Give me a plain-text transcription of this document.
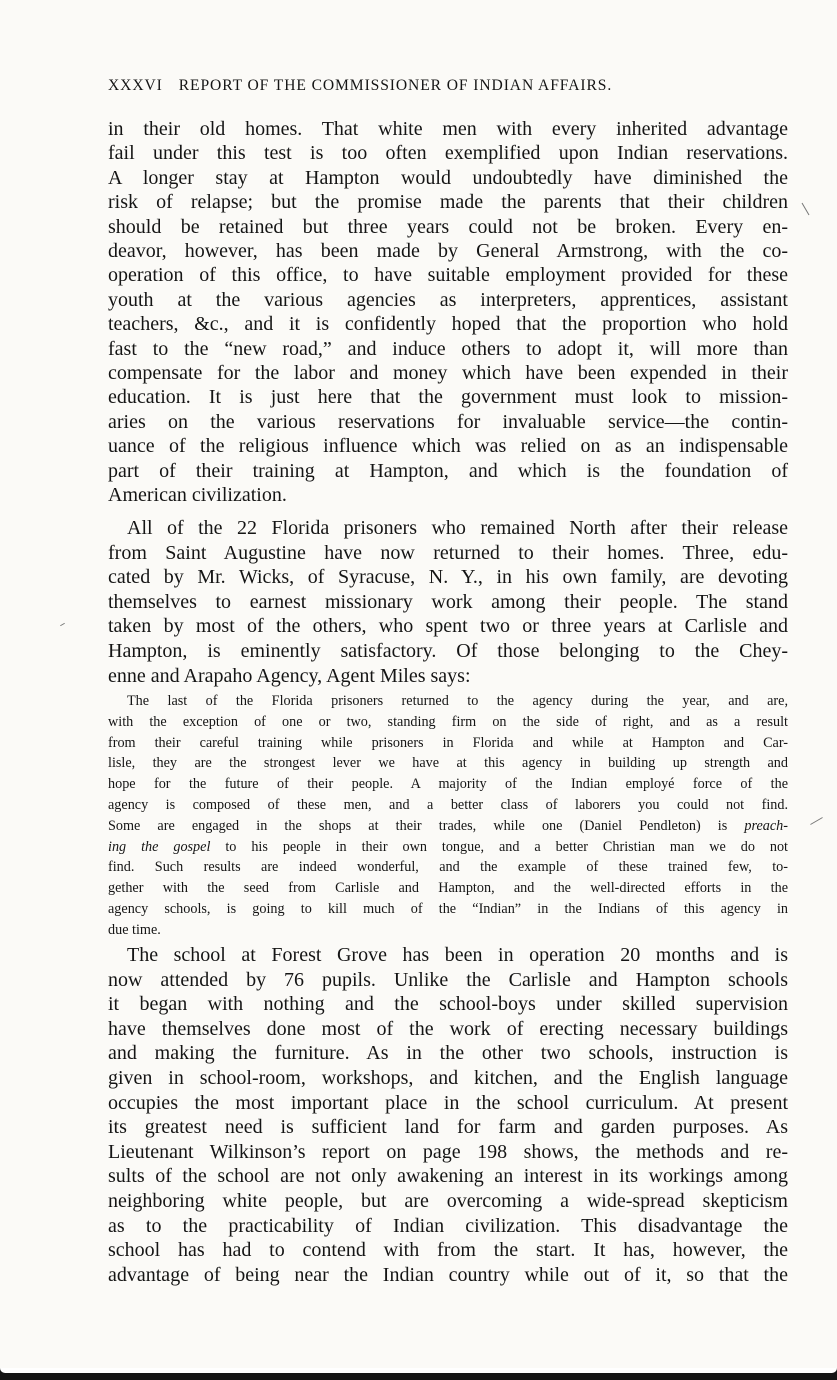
XXXVI REPORT OF THE COMMISSIONER OF INDIAN AFFAIRS.
in their old homes. That white men with every inherited advantage
fail under this test is too often exemplified upon Indian reservations.
A longer stay at Hampton would undoubtedly have diminished the
risk of relapse; but the promise made the parents that their children
should be retained but three years could not be broken. Every en-
deavor, however, has been made by General Armstrong, with the co-
operation of this office, to have suitable employment provided for these
youth at the various agencies as interpreters, apprentices, assistant
teachers, &c., and it is confidently hoped that the proportion who hold
fast to the “new road,” and induce others to adopt it, will more than
compensate for the labor and money which have been expended in their
education. It is just here that the government must look to mission-
aries on the various reservations for invaluable service—the contin-
uance of the religious influence which was relied on as an indispensable
part of their training at Hampton, and which is the foundation of
American civilization.
All of the 22 Florida prisoners who remained North after their release
from Saint Augustine have now returned to their homes. Three, edu-
cated by Mr. Wicks, of Syracuse, N. Y., in his own family, are devoting
themselves to earnest missionary work among their people. The stand
taken by most of the others, who spent two or three years at Carlisle and
Hampton, is eminently satisfactory. Of those belonging to the Chey-
enne and Arapaho Agency, Agent Miles says:
The last of the Florida prisoners returned to the agency during the year, and are,
with the exception of one or two, standing firm on the side of right, and as a result
from their careful training while prisoners in Florida and while at Hampton and Car-
lisle, they are the strongest lever we have at this agency in building up strength and
hope for the future of their people. A majority of the Indian employé force of the
agency is composed of these men, and a better class of laborers you could not find.
Some are engaged in the shops at their trades, while one (Daniel Pendleton) is preach-
ing the gospel to his people in their own tongue, and a better Christian man we do not
find. Such results are indeed wonderful, and the example of these trained few, to-
gether with the seed from Carlisle and Hampton, and the well-directed efforts in the
agency schools, is going to kill much of the “Indian” in the Indians of this agency in
due time.
The school at Forest Grove has been in operation 20 months and is
now attended by 76 pupils. Unlike the Carlisle and Hampton schools
it began with nothing and the school-boys under skilled supervision
have themselves done most of the work of erecting necessary buildings
and making the furniture. As in the other two schools, instruction is
given in school-room, workshops, and kitchen, and the English language
occupies the most important place in the school curriculum. At present
its greatest need is sufficient land for farm and garden purposes. As
Lieutenant Wilkinson’s report on page 198 shows, the methods and re-
sults of the school are not only awakening an interest in its workings among
neighboring white people, but are overcoming a wide-spread skepticism
as to the practicability of Indian civilization. This disadvantage the
school has had to contend with from the start. It has, however, the
advantage of being near the Indian country while out of it, so that the
